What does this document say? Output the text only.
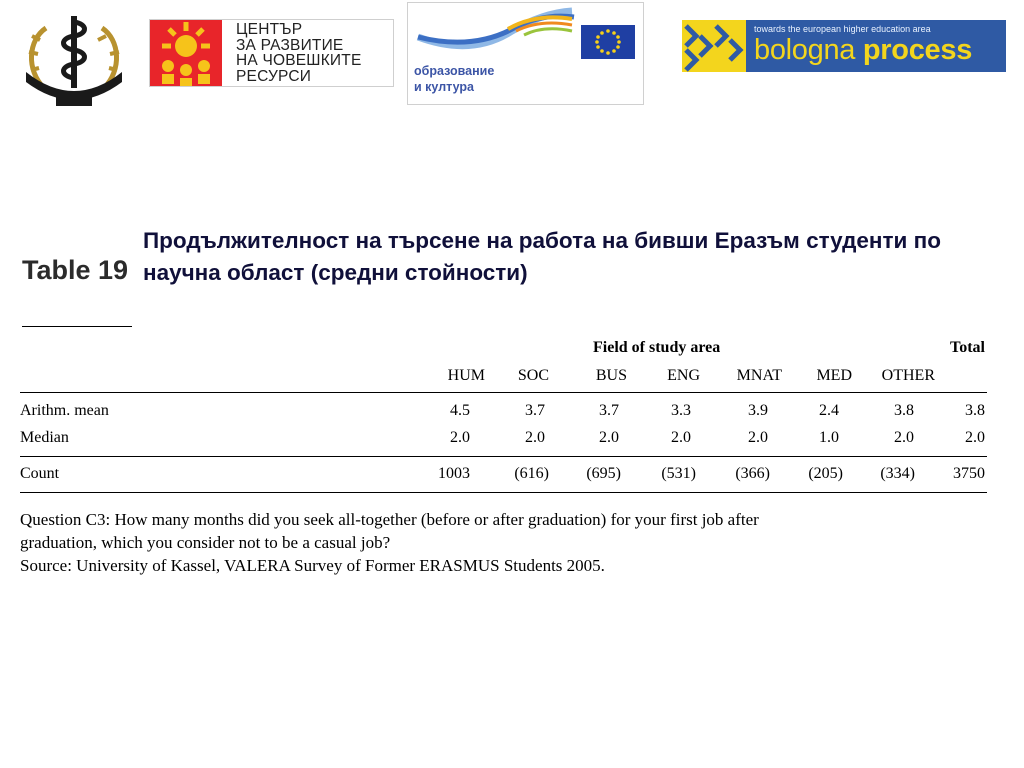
ЦЕНТЪР
ЗА РАЗВИТИЕ
НА ЧОВЕШКИТЕ
РЕСУРСИ	образование
и култура
towards the european higher education area
bologna process
Table 19
Продължителност на търсене на работа на бивши Еразъм студенти по научна област (средни стойности)
Field of study area	Total
HUM SOC	BUS	ENG MNAT MED OTHER
Arithm. mean	4.5	3.7	3.7	3.3	3.9	2.4	3.8	3.8
Median	2.0	2.0	2.0	2.0	2.0	1.0	2.0	2.0
Count	1003	(616) (695)	(531) (366) (205) (334) 3750
Question C3: How many months did you seek all-together (before or after graduation) for your first job after
graduation, which you consider not to be a casual job?
Source: University of Kassel, VALERA Survey of Former ERASMUS Students 2005.
